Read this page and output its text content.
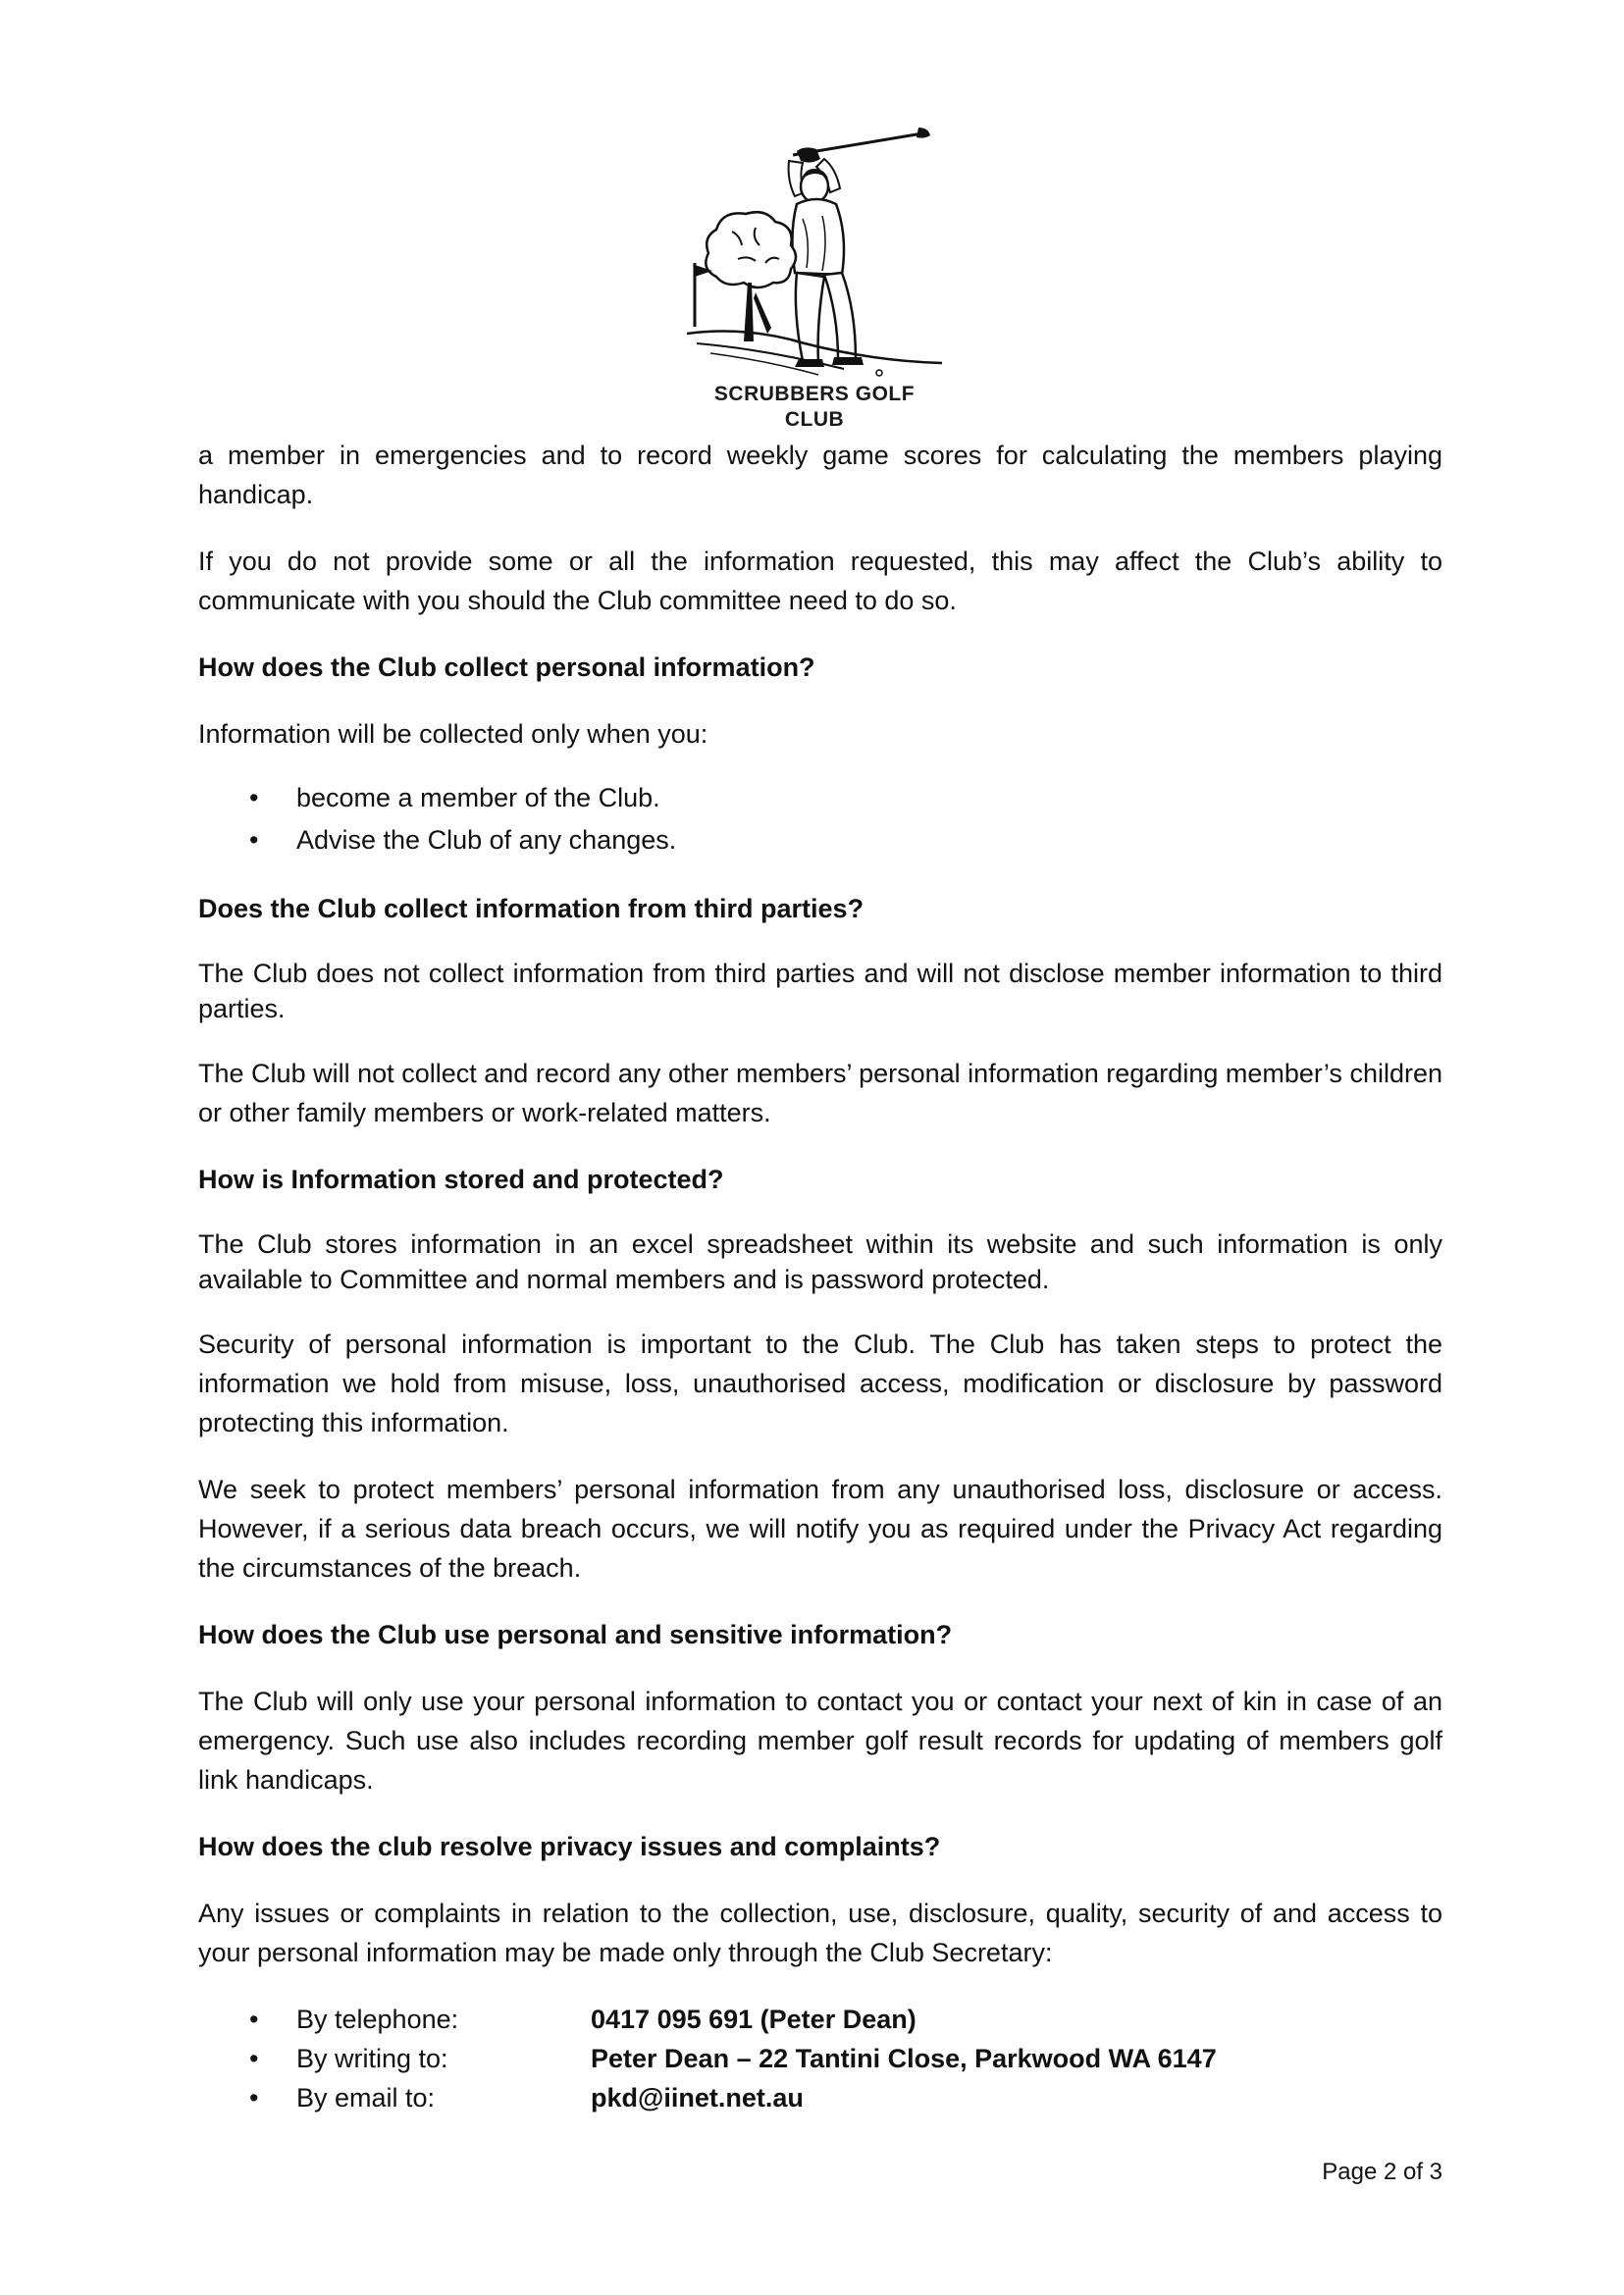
SCRUBBERS GOLF
CLUB

a member in emergencies and to record weekly game scores for calculating the members playing handicap.

If you do not provide some or all the information requested, this may affect the Club’s ability to communicate with you should the Club committee need to do so.

How does the Club collect personal information?

Information will be collected only when you:

• become a member of the Club.
• Advise the Club of any changes.
Does the Club collect information from third parties?

The Club does not collect information from third parties and will not disclose member information to third parties.

The Club will not collect and record any other members’ personal information regarding member’s children or other family members or work-related matters.

How is Information stored and protected?

The Club stores information in an excel spreadsheet within its website and such information is only available to Committee and normal members and is password protected.

Security of personal information is important to the Club. The Club has taken steps to protect the information we hold from misuse, loss, unauthorised access, modification or disclosure by password protecting this information.

We seek to protect members’ personal information from any unauthorised loss, disclosure or access. However, if a serious data breach occurs, we will notify you as required under the Privacy Act regarding the circumstances of the breach.

How does the Club use personal and sensitive information?

The Club will only use your personal information to contact you or contact your next of kin in case of an emergency. Such use also includes recording member golf result records for updating of members golf link handicaps.

How does the club resolve privacy issues and complaints?

Any issues or complaints in relation to the collection, use, disclosure, quality, security of and access to your personal information may be made only through the Club Secretary:

• By telephone:	0417 095 691 (Peter Dean)
• By writing to:	Peter Dean – 22 Tantini Close, Parkwood WA 6147
• By email to:	pkd@iinet.net.au
Page 2 of 3
